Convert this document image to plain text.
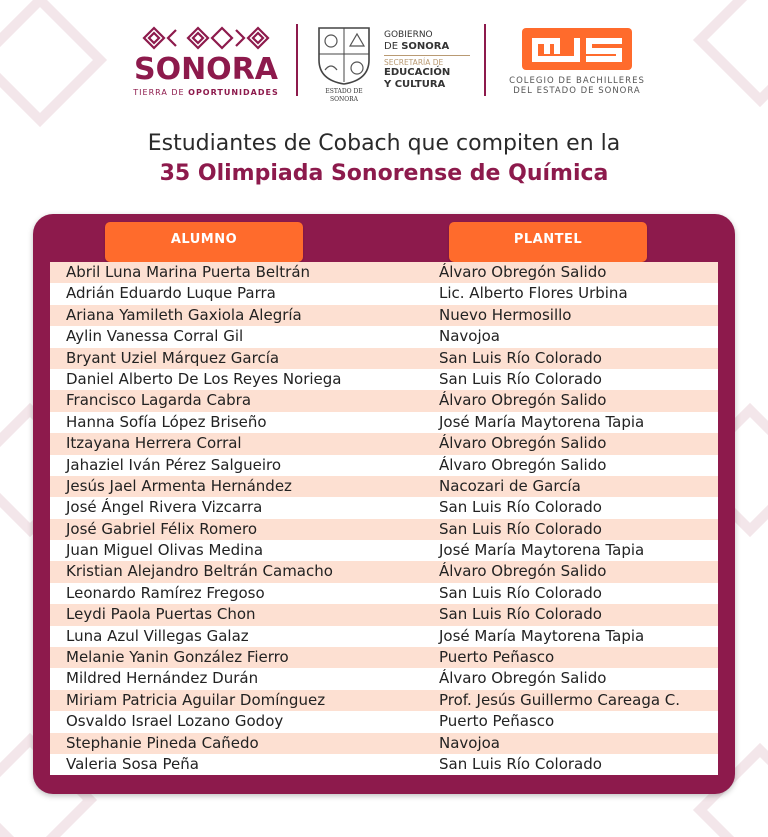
SONORA
TIERRA DE OPORTUNIDADES	ESTADO DE SONORA
GOBIERNO
DE SONORA
SECRETARÍA DE
EDUCACIÓN
Y CULTURA	COLEGIO DE BACHILLERES
DEL ESTADO DE SONORA
Estudiantes de Cobach que compiten en la
35 Olimpiada Sonorense de Química
ALUMNO	PLANTEL
Abril Luna Marina Puerta Beltrán	Álvaro Obregón Salido
Adrián Eduardo Luque Parra	Lic. Alberto Flores Urbina
Ariana Yamileth Gaxiola Alegría	Nuevo Hermosillo
Aylin Vanessa Corral Gil	Navojoa
Bryant Uziel Márquez García	San Luis Río Colorado
Daniel Alberto De Los Reyes Noriega	San Luis Río Colorado
Francisco Lagarda Cabra	Álvaro Obregón Salido
Hanna Sofía López Briseño	José María Maytorena Tapia
Itzayana Herrera Corral	Álvaro Obregón Salido
Jahaziel Iván Pérez Salgueiro	Álvaro Obregón Salido
Jesús Jael Armenta Hernández	Nacozari de García
José Ángel Rivera Vizcarra	San Luis Río Colorado
José Gabriel Félix Romero	San Luis Río Colorado
Juan Miguel Olivas Medina	José María Maytorena Tapia
Kristian Alejandro Beltrán Camacho	Álvaro Obregón Salido
Leonardo Ramírez Fregoso	San Luis Río Colorado
Leydi Paola Puertas Chon	San Luis Río Colorado
Luna Azul Villegas Galaz	José María Maytorena Tapia
Melanie Yanin González Fierro	Puerto Peñasco
Mildred Hernández Durán	Álvaro Obregón Salido
Miriam Patricia Aguilar Domínguez	Prof. Jesús Guillermo Careaga C.
Osvaldo Israel Lozano Godoy	Puerto Peñasco
Stephanie Pineda Cañedo	Navojoa
Valeria Sosa Peña	San Luis Río Colorado
